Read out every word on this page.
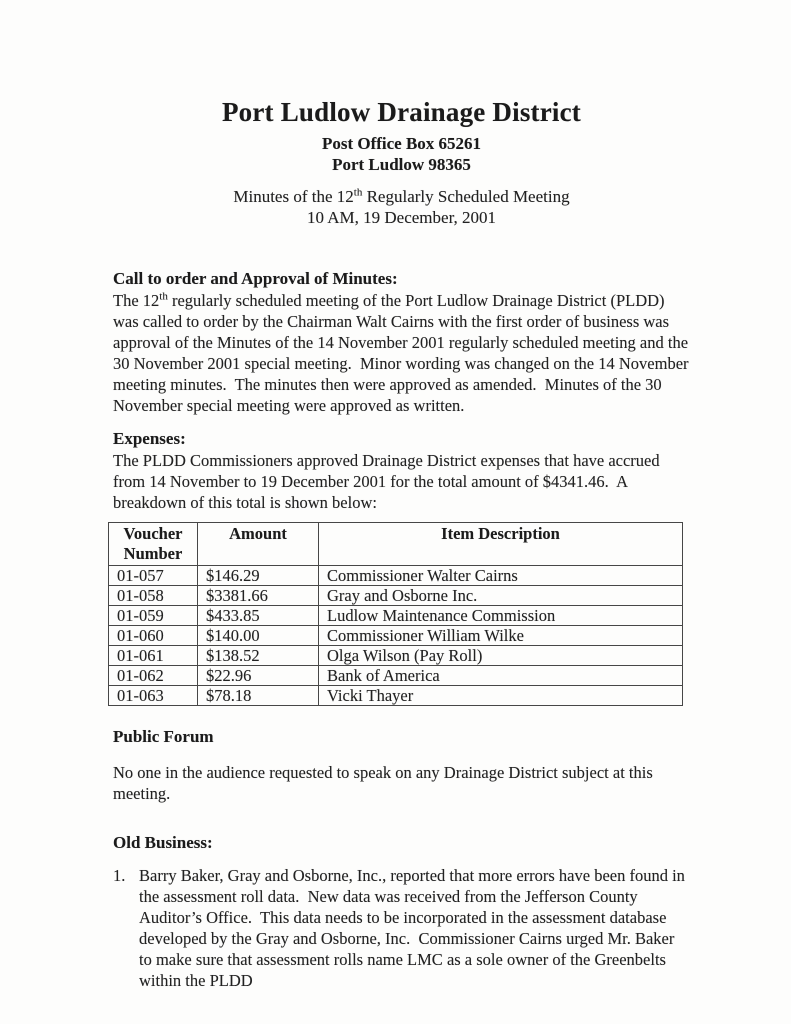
Port Ludlow Drainage District
Post Office Box 65261
Port Ludlow 98365
Minutes of the 12th Regularly Scheduled Meeting
10 AM, 19 December, 2001
Call to order and Approval of Minutes:

The 12th regularly scheduled meeting of the Port Ludlow Drainage District (PLDD) was called to order by the Chairman Walt Cairns with the first order of business was approval of the Minutes of the 14 November 2001 regularly scheduled meeting and the 30 November 2001 special meeting.  Minor wording was changed on the 14 November meeting minutes.  The minutes then were approved as amended.  Minutes of the 30 November special meeting were approved as written.

Expenses:

The PLDD Commissioners approved Drainage District expenses that have accrued from 14 November to 19 December 2001 for the total amount of $4341.46.  A breakdown of this total is shown below:

Voucher Number	Amount	Item Description
01-057	$146.29	Commissioner Walter Cairns
01-058	$3381.66	Gray and Osborne Inc.
01-059	$433.85	Ludlow Maintenance Commission
01-060	$140.00	Commissioner William Wilke
01-061	$138.52	Olga Wilson (Pay Roll)
01-062	$22.96	Bank of America
01-063	$78.18	Vicki Thayer
Public Forum

No one in the audience requested to speak on any Drainage District subject at this meeting.

Old Business:
1. Barry Baker, Gray and Osborne, Inc., reported that more errors have been found in the assessment roll data.  New data was received from the Jefferson County Auditor’s Office.  This data needs to be incorporated in the assessment database developed by the Gray and Osborne, Inc.  Commissioner Cairns urged Mr. Baker to make sure that assessment rolls name LMC as a sole owner of the Greenbelts within the PLDD
